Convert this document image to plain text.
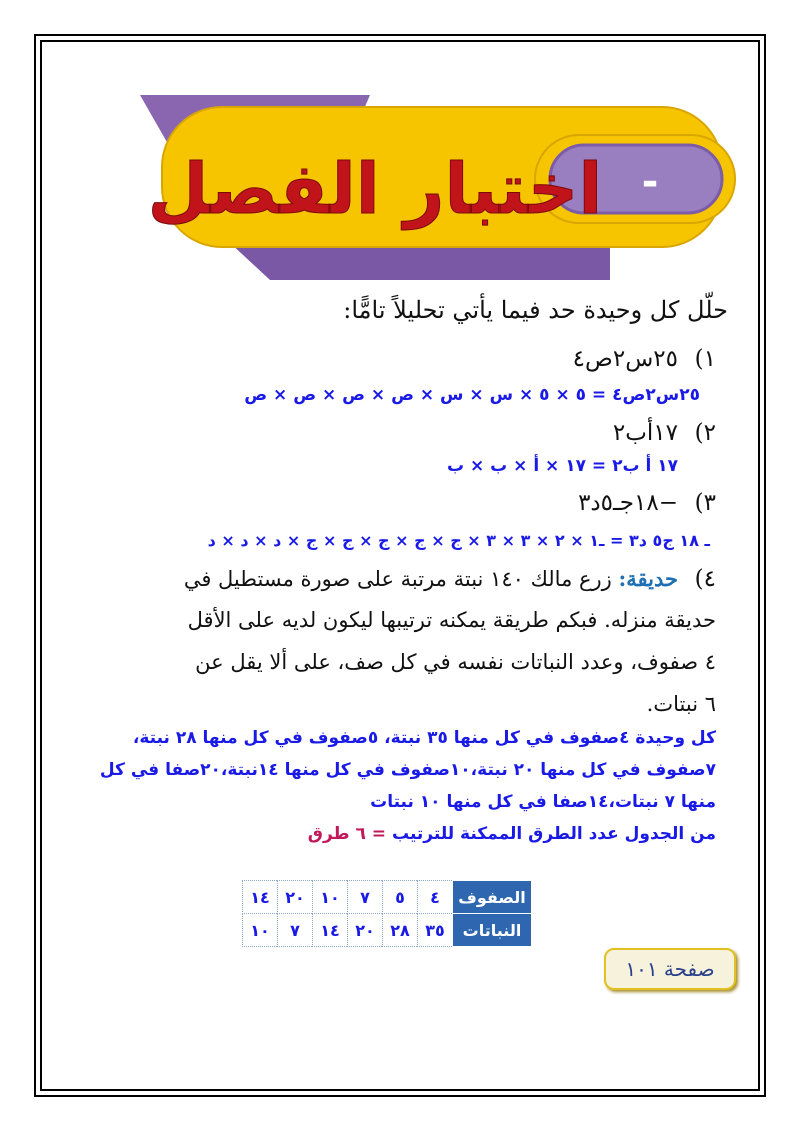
-
اختبار الفصل
حلّل كل وحيدة حد فيما يأتي تحليلاً تامًّا:
١)
٢٥س٢ص٤
٢٥س٢ص٤ = ٥ × ٥ × س × س × ص × ص × ص × ص
٢)
١٧أب٢
١٧ أ ب٢ = ١٧ × أ × ب × ب
٣)
−١٨جـ٥د٣
ـ ١٨ ج٥ د٣ = ـ١ × ٢ × ٣ × ٣ × ج × ج × ج × ج × ج × د × د × د
٤)
حديقة: زرع مالك ١٤٠ نبتة مرتبة على صورة مستطيل في
حديقة منزله. فبكم طريقة يمكنه ترتيبها ليكون لديه على الأقل
٤ صفوف، وعدد النباتات نفسه في كل صف، على ألا يقل عن
٦ نبتات.
كل وحيدة ٤صفوف في كل منها ٣٥ نبتة، ٥صفوف في كل منها ٢٨ نبتة،
٧صفوف في كل منها ٢٠ نبتة،١٠صفوف في كل منها ١٤نبتة،٢٠صفا في كل
منها ٧ نبتات،١٤صفا في كل منها ١٠ نبتات
من الجدول عدد الطرق الممكنة للترتيب = ٦ طرق
الصفوف	٤	٥	٧	١٠	٢٠	١٤
النباتات	٣٥	٢٨	٢٠	١٤	٧	١٠
صفحة ١٠١
